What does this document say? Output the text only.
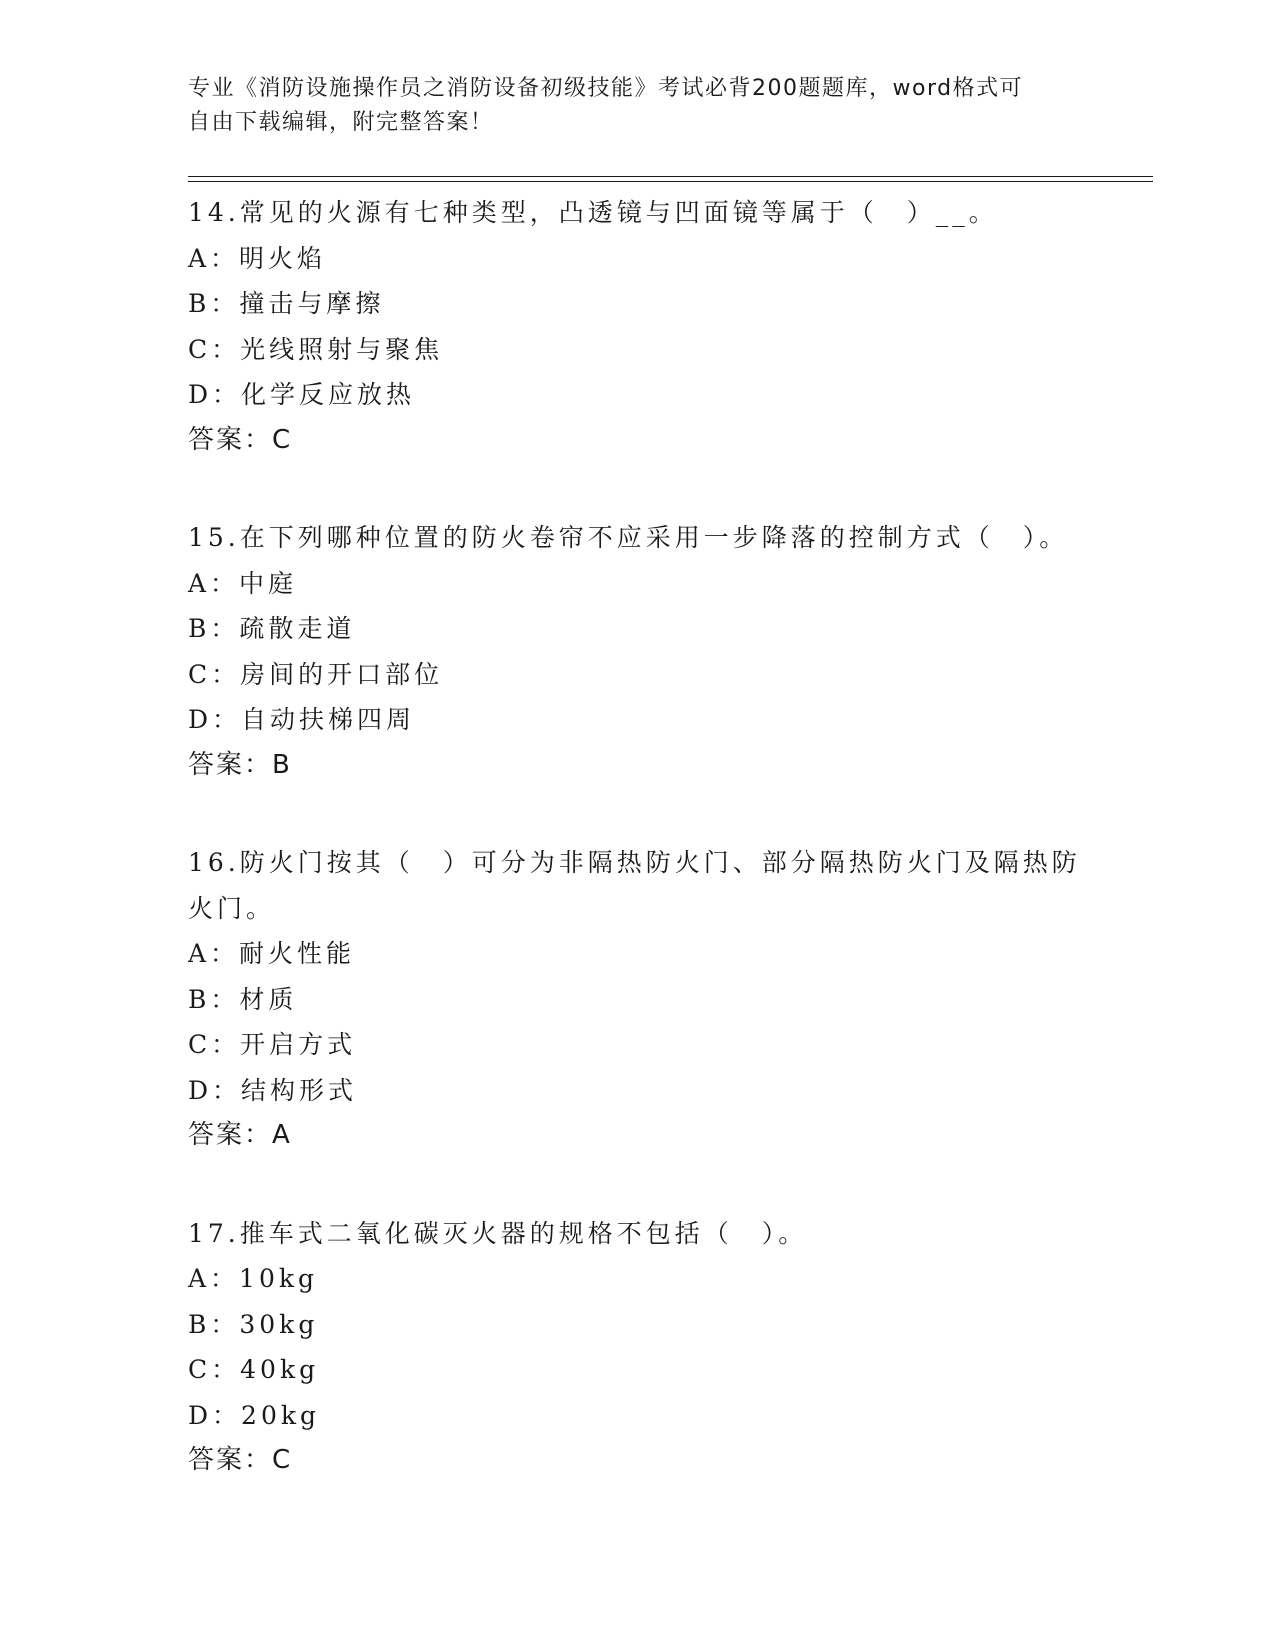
专业《消防设施操作员之消防设备初级技能》考试必背200题题库，word格式可
自由下载编辑，附完整答案！
14.常见的火源有七种类型，凸透镜与凹面镜等属于（　）__。
A：明火焰
B：撞击与摩擦
C：光线照射与聚焦
D：化学反应放热
答案：C
15.在下列哪种位置的防火卷帘不应采用一步降落的控制方式（　）。
A：中庭
B：疏散走道
C：房间的开口部位
D：自动扶梯四周
答案：B
16.防火门按其（　）可分为非隔热防火门、部分隔热防火门及隔热防火门。
A：耐火性能
B：材质
C：开启方式
D：结构形式
答案：A
17.推车式二氧化碳灭火器的规格不包括（　）。
A：10kg
B：30kg
C：40kg
D：20kg
答案：C
